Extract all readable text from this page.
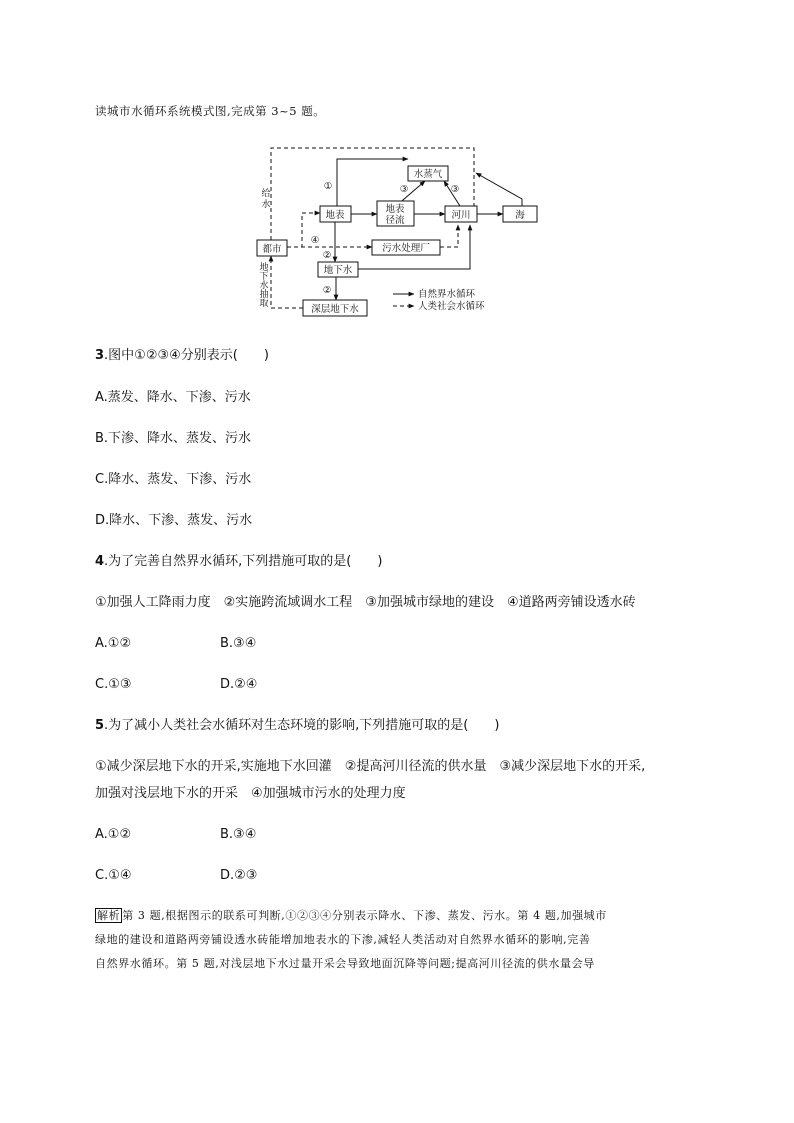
读城市水循环系统模式图,完成第 3~5 题。
水蒸气
地表
地表
径流	河川	海
都市	污水处理厂
地下水
深层地下水
给
水
地
下
水
抽
取
①	③	③
④
②
②	自然界水循环
人类社会水循环
3.图中①②③④分别表示(　　)
A.蒸发、降水、下渗、污水
B.下渗、降水、蒸发、污水
C.降水、蒸发、下渗、污水
D.降水、下渗、蒸发、污水
4.为了完善自然界水循环,下列措施可取的是(　　)
①加强人工降雨力度　②实施跨流域调水工程　③加强城市绿地的建设　④道路两旁铺设透水砖
A.①②	B.③④
C.①③	D.②④
5.为了减小人类社会水循环对生态环境的影响,下列措施可取的是(　　)
①减少深层地下水的开采,实施地下水回灌　②提高河川径流的供水量　③减少深层地下水的开采,
加强对浅层地下水的开采　④加强城市污水的处理力度
A.①②	B.③④
C.①④	D.②③
解析 第 3 题,根据图示的联系可判断,①②③④分别表示降水、下渗、蒸发、污水。第 4 题,加强城市
绿地的建设和道路两旁铺设透水砖能增加地表水的下渗,减轻人类活动对自然界水循环的影响,完善
自然界水循环。第 5 题,对浅层地下水过量开采会导致地面沉降等问题;提高河川径流的供水量会导
